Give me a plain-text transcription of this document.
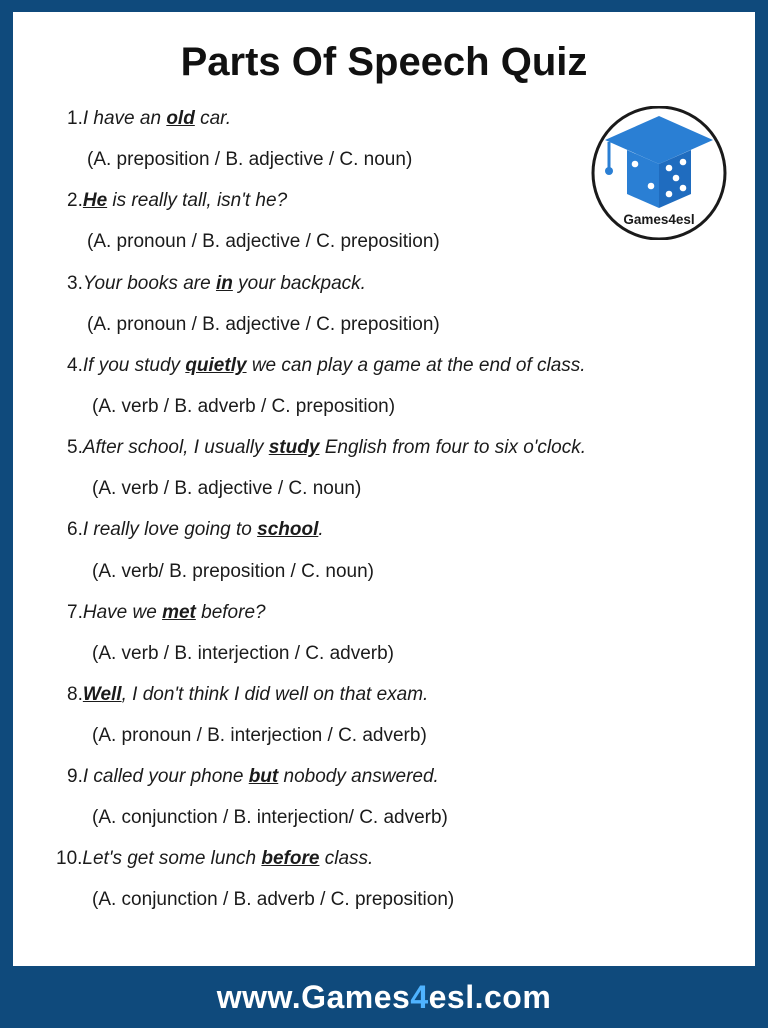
Parts Of Speech Quiz
Games4esl
1.I have an old car.
(A. preposition / B. adjective / C. noun)
2.He is really tall, isn't he?
(A. pronoun / B. adjective / C. preposition)
3.Your books are in your backpack.
(A. pronoun / B. adjective / C. preposition)
4.If you study quietly we can play a game at the end of class.
(A. verb / B. adverb / C. preposition)
5.After school, I usually study English from four to six o'clock.
(A. verb / B. adjective / C. noun)
6.I really love going to school.
(A. verb/ B. preposition / C. noun)
7.Have we met before?
(A. verb / B. interjection / C. adverb)
8.Well, I don't think I did well on that exam.
(A. pronoun / B. interjection / C. adverb)
9.I called your phone but nobody answered.
(A. conjunction / B. interjection/ C. adverb)
10.Let's get some lunch before class.
(A. conjunction / B. adverb / C. preposition)
www.Games4esl.com
